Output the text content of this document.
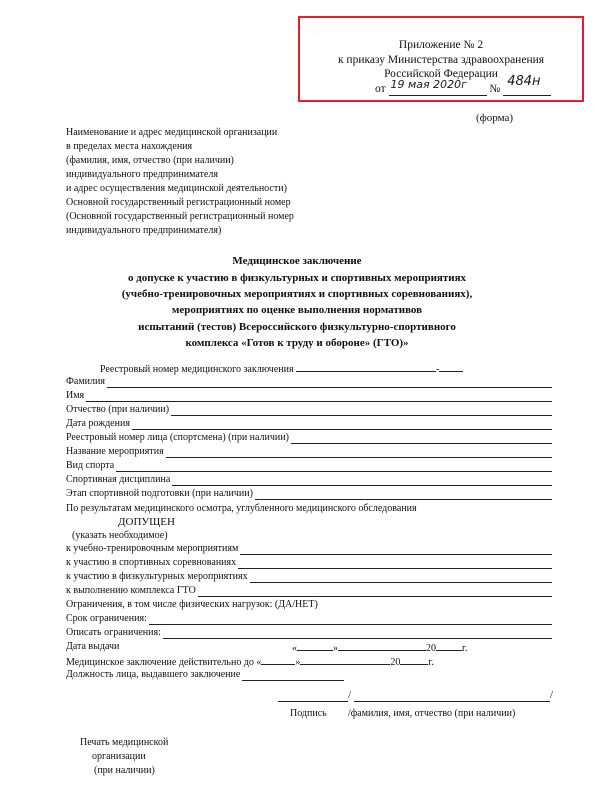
Приложение № 2
к приказу Министерства здравоохранения
Российской Федерации
от 19 мая 2020г № 484н
(форма)
Наименование и адрес медицинской организации
в пределах места нахождения
(фамилия, имя, отчество (при наличии)
индивидуального предпринимателя
и адрес осуществления медицинской деятельности)
Основной государственный регистрационный номер
(Основной государственный регистрационный номер
индивидуального предпринимателя)
Медицинское заключение
о допуске к участию в физкультурных и спортивных мероприятиях
(учебно-тренировочных мероприятиях и спортивных соревнованиях),
мероприятиях по оценке выполнения нормативов
испытаний (тестов) Всероссийского физкультурно-спортивного
комплекса «Готов к труду и обороне» (ГТО)»
Реестровый номер медицинского заключения	-
Фамилия
Имя
Отчество (при наличии)
Дата рождения
Реестровый номер лица (спортсмена) (при наличии)
Название мероприятия
Вид спорта
Спортивная дисциплина
Этап спортивной подготовки (при наличии)
По результатам медицинского осмотра, углубленного медицинского обследования
ДОПУЩЕН
(указать необходимое)
к учебно-тренировочным мероприятиям
к участию в спортивных соревнованиях
к участию в физкультурных мероприятиях
к выполнению комплекса ГТО
Ограничения, в том числе физических нагрузок: (ДА/НЕТ)
Срок ограничения:
Описать ограничения:
Дата выдачи	«	»	20	г.
Медицинское заключение действительно до «	»	20	г.
Должность лица, выдавшего заключение
/	/
Подпись /фамилия, имя, отчество (при наличии)
Печать медицинской
организации
(при наличии)
